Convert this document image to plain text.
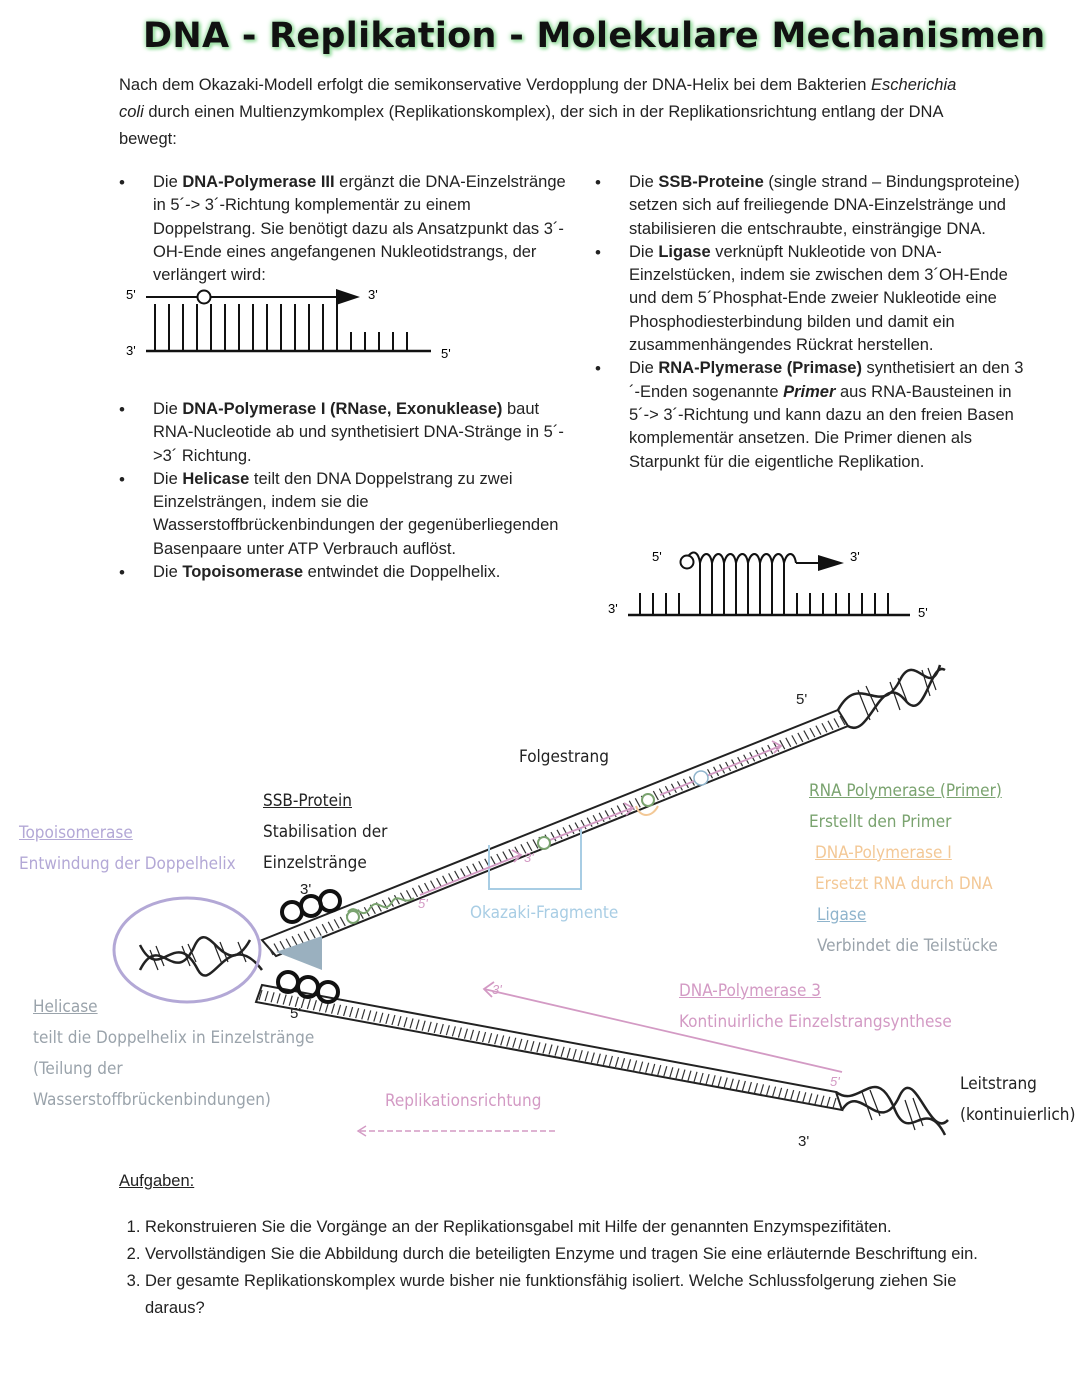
DNA - Replikation - Molekulare Mechanismen
Nach dem Okazaki-Modell erfolgt die semikonservative Verdopplung der DNA-Helix bei dem Bakterien Escherichia coli durch einen Multienzymkomplex (Replikationskomplex), der sich in der Replikationsrichtung entlang der DNA bewegt:
• Die DNA-Polymerase III ergänzt die DNA-Einzelstränge in 5´-> 3´-Richtung komplementär zu einem Doppelstrang. Sie benötigt dazu als Ansatzpunkt das 3´-OH-Ende eines angefangenen Nukleotidstrangs, der verlängert wird:
5'	3'
3'	5'
• Die DNA-Polymerase I (RNase, Exonuklease) baut RNA-Nucleotide ab und synthetisiert DNA-Stränge in 5´->3´ Richtung.
• Die Helicase teilt den DNA Doppelstrang zu zwei Einzelsträngen, indem sie die Wasserstoffbrückenbindungen der gegenüberliegenden Basenpaare unter ATP Verbrauch auflöst.
• Die Topoisomerase entwindet die Doppelhelix.
• Die SSB-Proteine (single strand – Bindungsproteine) setzen sich auf freiliegende DNA-Einzelstränge und stabilisieren die entschraubte, einsträngige DNA.
• Die Ligase verknüpft Nukleotide von DNA-Einzelstücken, indem sie zwischen dem 3´OH-Ende und dem 5´Phosphat-Ende zweier Nukleotide eine Phosphodiesterbindung bilden und damit ein zusammenhängendes Rückrat herstellen.
• Die RNA-Plymerase (Primase) synthetisiert an den 3´-Enden sogenannte Primer aus RNA-Bausteinen in 5´-> 3´-Richtung und kann dazu an den freien Basen komplementär ansetzen. Die Primer dienen als Starpunkt für die eigentliche Replikation.
5'	3'
3'	5'
5'
3'
5'
3'
5'
3'
3'
5'
Folgestrang
SSB-Protein
Stabilisation der
Einzelstränge
Topoisomerase
Entwindung der Doppelhelix
Okazaki-Fragmente
RNA Polymerase (Primer)
Erstellt den Primer
DNA-Polymerase I
Ersetzt RNA durch DNA
Ligase
Verbindet die Teilstücke
DNA-Polymerase 3
Kontinuirliche Einzelstrangsynthese
Helicase
teilt die Doppelhelix in Einzelstränge
(Teilung der
Wasserstoffbrückenbindungen)	Replikationsrichtung
Leitstrang
(kontinuierlich)
Aufgaben:
1. Rekonstruieren Sie die Vorgänge an der Replikationsgabel mit Hilfe der genannten Enzymspezifitäten.
2. Vervollständigen Sie die Abbildung durch die beteiligten Enzyme und tragen Sie eine erläuternde Beschriftung ein.
3. Der gesamte Replikationskomplex wurde bisher nie funktionsfähig isoliert. Welche Schlussfolgerung ziehen Sie daraus?
